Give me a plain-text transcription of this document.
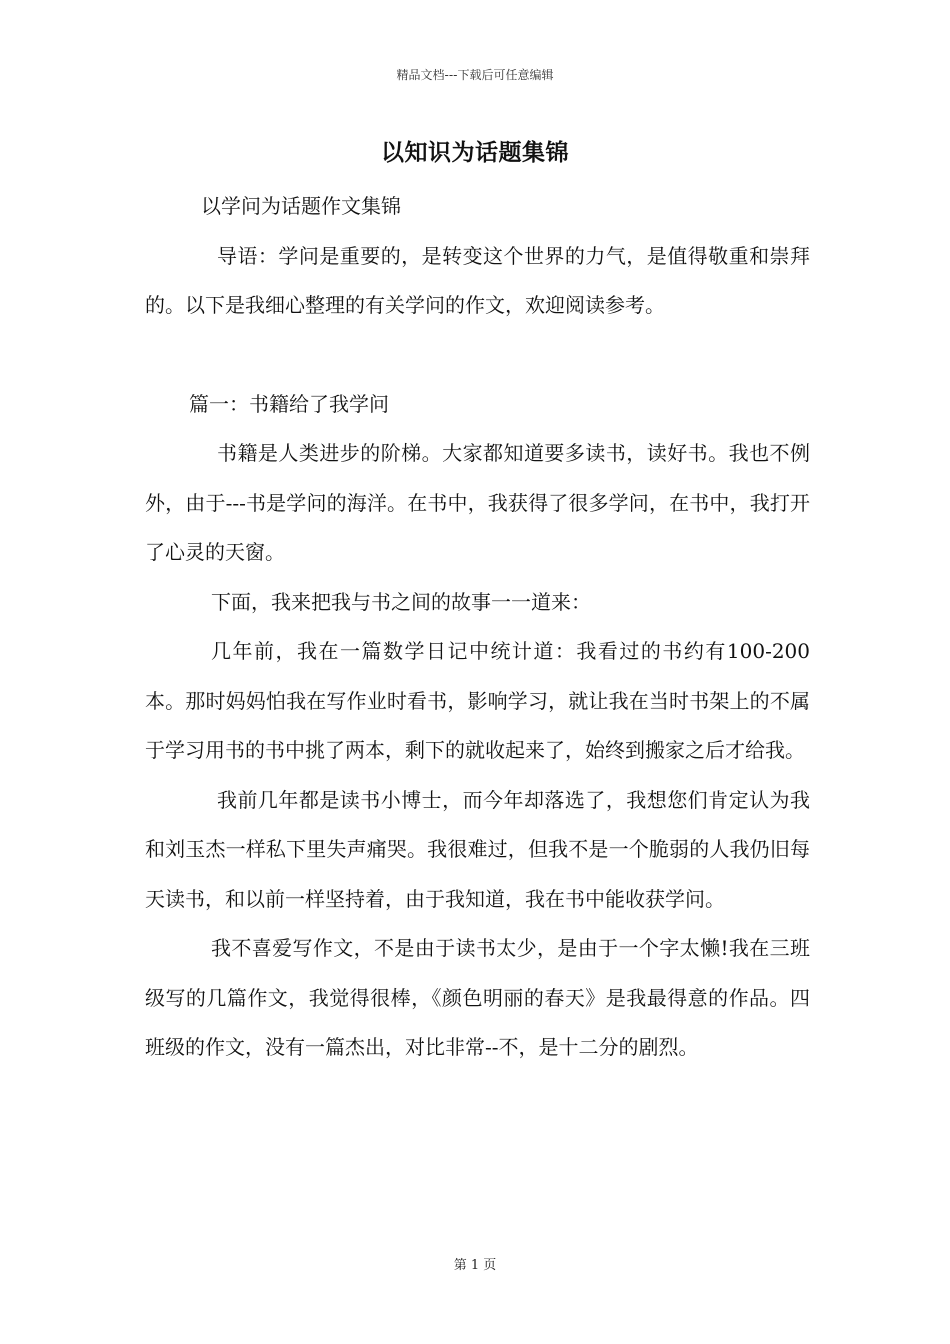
精品文档---下载后可任意编辑
以知识为话题集锦

以学问为话题作文集锦

导语：学问是重要的，是转变这个世界的力气，是值得敬重和崇拜的。以下是我细心整理的有关学问的作文，欢迎阅读参考。

篇一：书籍给了我学问

书籍是人类进步的阶梯。大家都知道要多读书，读好书。我也不例外，由于---书是学问的海洋。在书中，我获得了很多学问，在书中，我打开了心灵的天窗。

下面，我来把我与书之间的故事一一道来：

几年前，我在一篇数学日记中统计道：我看过的书约有100-200本。那时妈妈怕我在写作业时看书，影响学习，就让我在当时书架上的不属于学习用书的书中挑了两本，剩下的就收起来了，始终到搬家之后才给我。

我前几年都是读书小博士，而今年却落选了，我想您们肯定认为我和刘玉杰一样私下里失声痛哭。我很难过，但我不是一个脆弱的人我仍旧每天读书，和以前一样坚持着，由于我知道，我在书中能收获学问。

我不喜爱写作文，不是由于读书太少，是由于一个字太懒!我在三班级写的几篇作文，我觉得很棒，《颜色明丽的春天》是我最得意的作品。四班级的作文，没有一篇杰出，对比非常--不，是十二分的剧烈。

第 1 页
